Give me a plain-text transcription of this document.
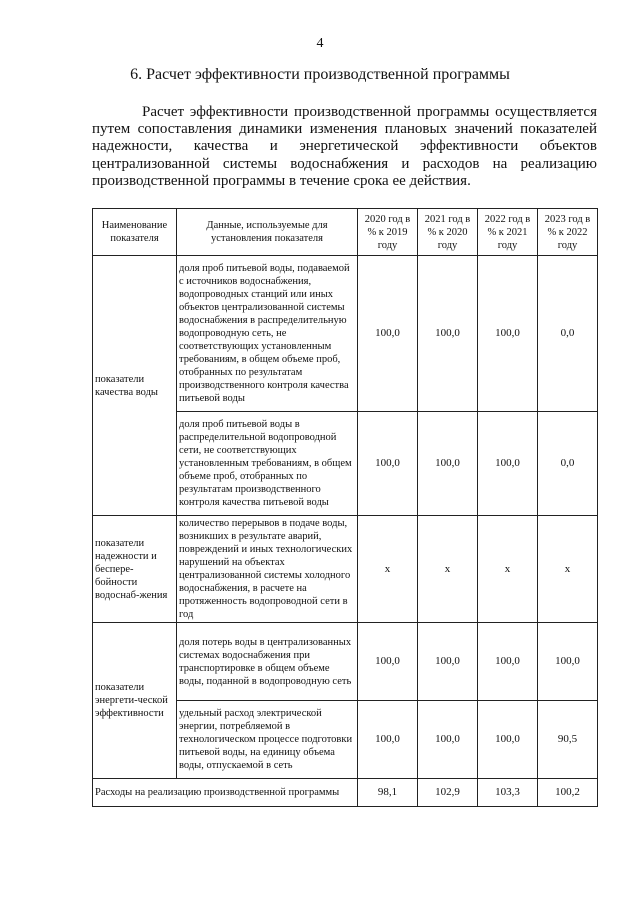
4
6. Расчет эффективности производственной программы

Расчет эффективности производственной программы осуществляется путем сопоставления динамики изменения плановых значений показателей надежности, качества и энергетической эффективности объектов централизованной системы водоснабжения и расходов на реализацию производственной программы в течение срока ее действия.

Наименование показателя	Данные, используемые для установления показателя	2020 год в % к 2019 году	2021 год в % к 2020 году	2022 год в % к 2021 году	2023 год в % к 2022 году
показатели качества воды	доля проб питьевой воды, подаваемой с источников водоснабжения, водопроводных станций или иных объектов централизованной системы водоснабжения в распределительную водопроводную сеть, не соответствующих установленным требованиям, в общем объеме проб, отобранных по результатам производственного контроля качества питьевой воды	100,0	100,0	100,0	0,0
	доля проб питьевой воды в распределительной водопроводной сети, не соответствующих установленным требованиям, в общем объеме проб, отобранных по результатам производственного контроля качества питьевой воды	100,0	100,0	100,0	0,0
показатели надежности и беспере-бойности водоснаб-жения	количество перерывов в подаче воды, возникших в результате аварий, повреждений и иных технологических нарушений на объектах централизованной системы холодного водоснабжения, в расчете на протяженность водопроводной сети в год	x	x	x	x
показатели энергети-ческой эффективности	доля потерь воды в централизованных системах водоснабжения при транспортировке в общем объеме воды, поданной в водопроводную сеть	100,0	100,0	100,0	100,0
	удельный расход электрической энергии, потребляемой в технологическом процессе подготовки питьевой воды, на единицу объема воды, отпускаемой в сеть	100,0	100,0	100,0	90,5
Расходы на реализацию производственной программы		98,1	102,9	103,3	100,2
